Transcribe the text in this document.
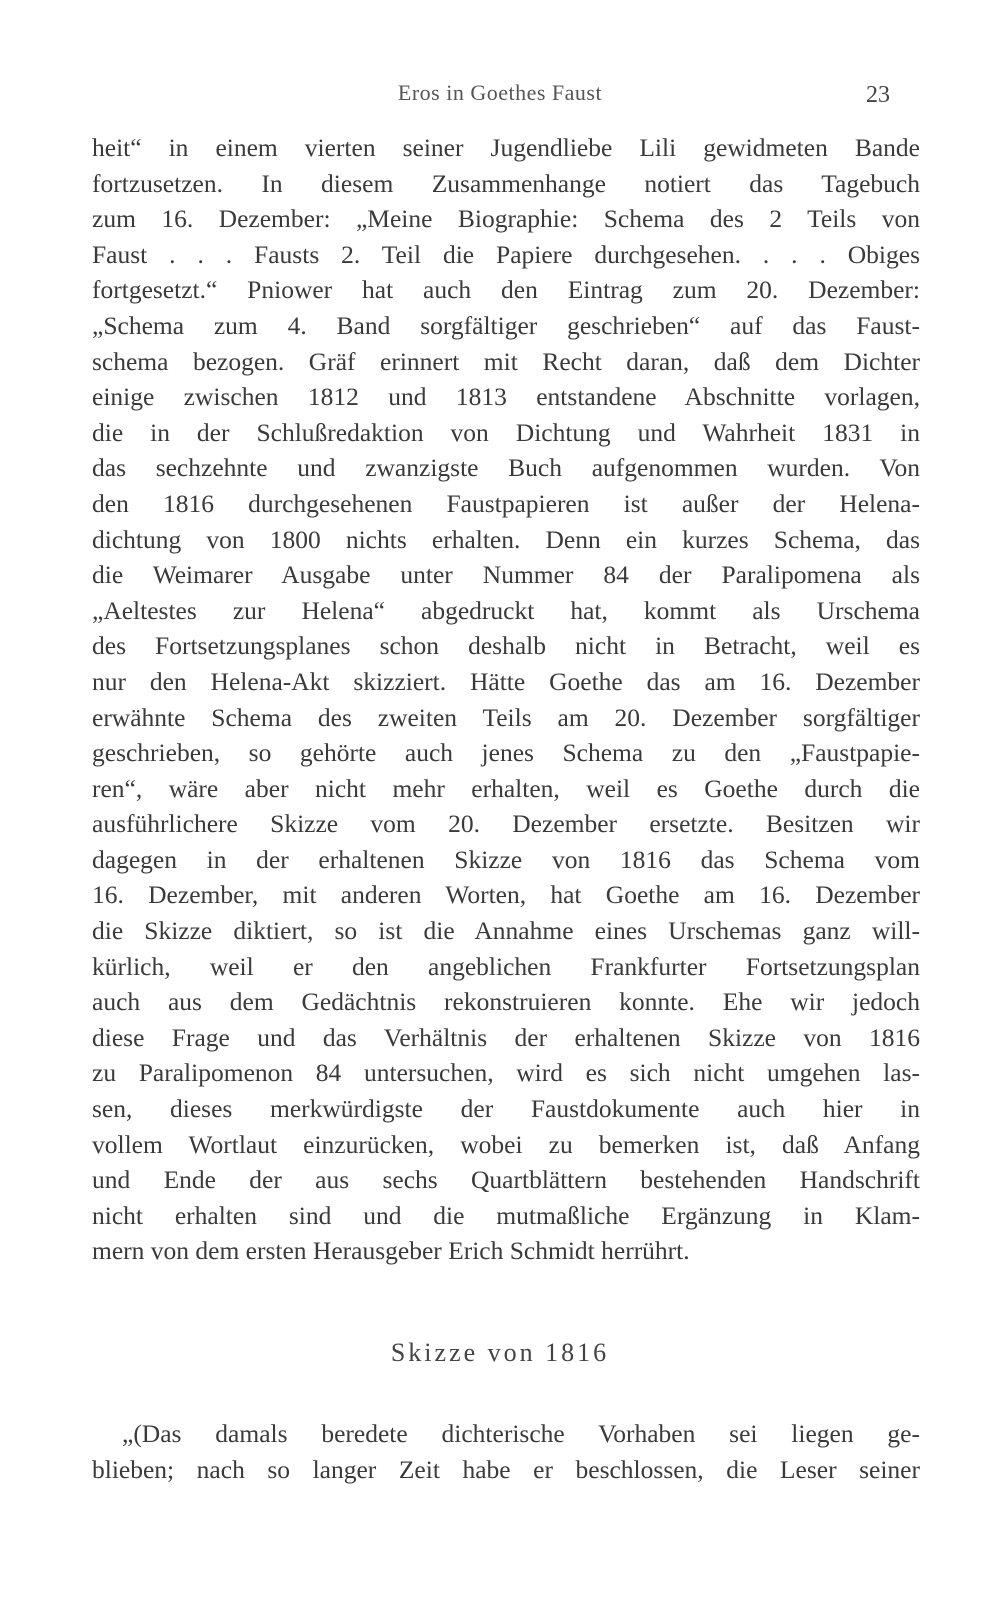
Eros in Goethes Faust	23
heit“ in einem vierten seiner Jugendliebe Lili gewidmeten Bande
fortzusetzen. In diesem Zusammenhange notiert das Tagebuch
zum 16. Dezember: „Meine Biographie: Schema des 2 Teils von
Faust . . . Fausts 2. Teil die Papiere durchgesehen. . . . Obiges
fortgesetzt.“ Pniower hat auch den Eintrag zum 20. Dezember:
„Schema zum 4. Band sorgfältiger geschrieben“ auf das Faust-
schema bezogen. Gräf erinnert mit Recht daran, daß dem Dichter
einige zwischen 1812 und 1813 entstandene Abschnitte vorlagen,
die in der Schlußredaktion von Dichtung und Wahrheit 1831 in
das sechzehnte und zwanzigste Buch aufgenommen wurden. Von
den 1816 durchgesehenen Faustpapieren ist außer der Helena-
dichtung von 1800 nichts erhalten. Denn ein kurzes Schema, das
die Weimarer Ausgabe unter Nummer 84 der Paralipomena als
„Aeltestes zur Helena“ abgedruckt hat, kommt als Urschema
des Fortsetzungsplanes schon deshalb nicht in Betracht, weil es
nur den Helena-Akt skizziert. Hätte Goethe das am 16. Dezember
erwähnte Schema des zweiten Teils am 20. Dezember sorgfältiger
geschrieben, so gehörte auch jenes Schema zu den „Faustpapie-
ren“, wäre aber nicht mehr erhalten, weil es Goethe durch die
ausführlichere Skizze vom 20. Dezember ersetzte. Besitzen wir
dagegen in der erhaltenen Skizze von 1816 das Schema vom
16. Dezember, mit anderen Worten, hat Goethe am 16. Dezember
die Skizze diktiert, so ist die Annahme eines Urschemas ganz will-
kürlich, weil er den angeblichen Frankfurter Fortsetzungsplan
auch aus dem Gedächtnis rekonstruieren konnte. Ehe wir jedoch
diese Frage und das Verhältnis der erhaltenen Skizze von 1816
zu Paralipomenon 84 untersuchen, wird es sich nicht umgehen las-
sen, dieses merkwürdigste der Faustdokumente auch hier in
vollem Wortlaut einzurücken, wobei zu bemerken ist, daß Anfang
und Ende der aus sechs Quartblättern bestehenden Handschrift
nicht erhalten sind und die mutmaßliche Ergänzung in Klam-
mern von dem ersten Herausgeber Erich Schmidt herrührt.
Skizze von 1816
„(Das damals beredete dichterische Vorhaben sei liegen ge-
blieben; nach so langer Zeit habe er beschlossen, die Leser seiner
